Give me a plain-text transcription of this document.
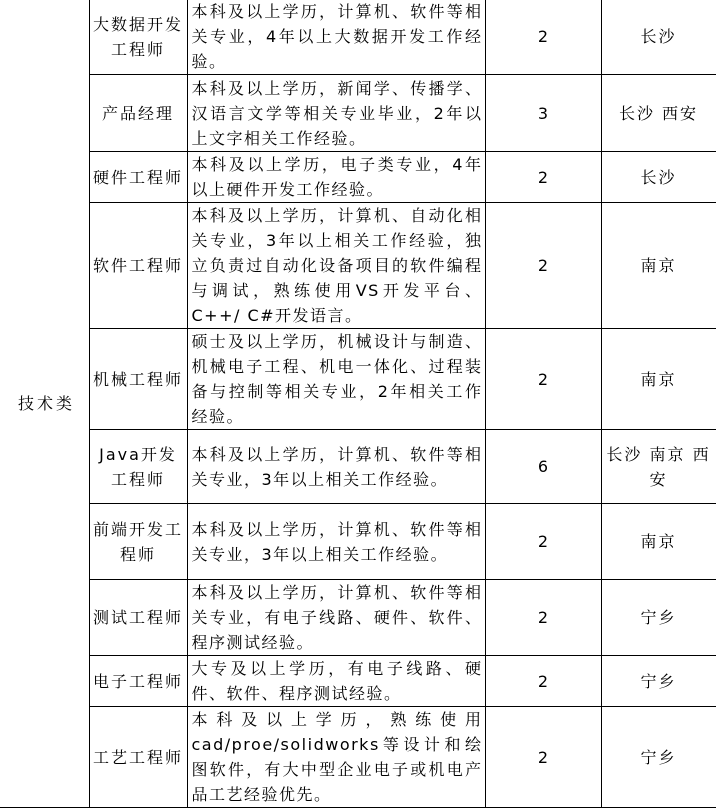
技术类	大数据开发工程师	本科及以上学历，计算机、软件等相关专业，4年以上大数据开发工作经验。	2	长沙
	产品经理	本科及以上学历，新闻学、传播学、汉语言文学等相关专业毕业，2年以上文字相关工作经验。	3	长沙 西安
	硬件工程师	本科及以上学历，电子类专业，4年以上硬件开发工作经验。	2	长沙
	软件工程师	本科及以上学历，计算机、自动化相关专业，3年以上相关工作经验，独立负责过自动化设备项目的软件编程与调试，熟练使用VS开发平台、C++/ C#开发语言。	2	南京
	机械工程师	硕士及以上学历，机械设计与制造、机械电子工程、机电一体化、过程装备与控制等相关专业，2年相关工作经验。	2	南京
	Java开发工程师	本科及以上学历，计算机、软件等相关专业，3年以上相关工作经验。	6	长沙 南京 西安
	前端开发工程师	本科及以上学历，计算机、软件等相关专业，3年以上相关工作经验。	2	南京
	测试工程师	本科及以上学历，计算机、软件等相关专业，有电子线路、硬件、软件、程序测试经验。	2	宁乡
	电子工程师	大专及以上学历，有电子线路、硬件、软件、程序测试经验。	2	宁乡
	工艺工程师	本科及以上学历，熟练使用cad/proe/solidworks等设计和绘图软件，有大中型企业电子或机电产品工艺经验优先。	2	宁乡
